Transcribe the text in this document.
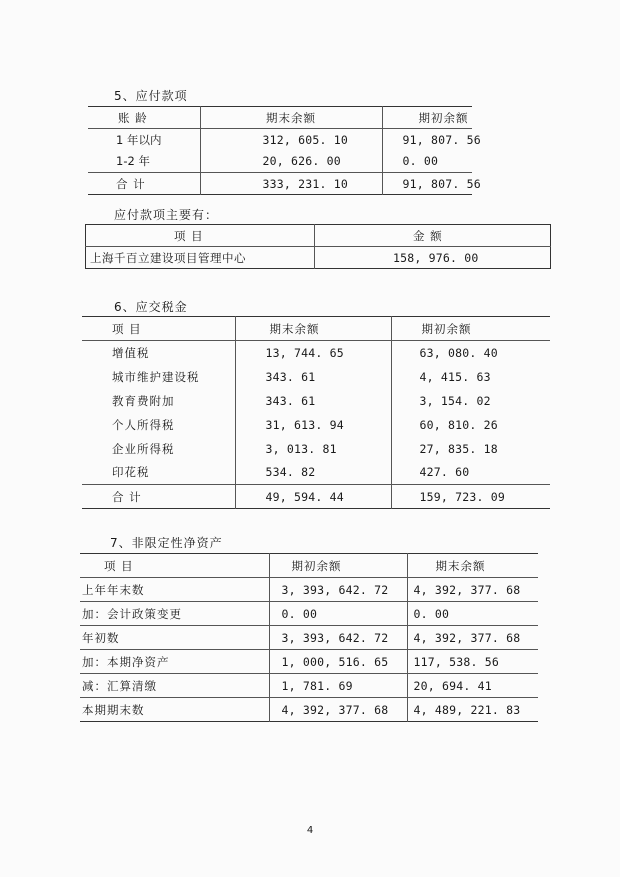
5、应付款项
账 龄	期末余额	期初余额
1 年以内	312, 605. 10	91, 807. 56
1-2 年	20, 626. 00	0. 00
合 计	333, 231. 10	91, 807. 56
应付款项主要有：
项 目	金 额
上海千百立建设项目管理中心	158, 976. 00
6、应交税金
项 目	期末余额	期初余额
增值税	13, 744. 65	63, 080. 40
城市维护建设税	343. 61	4, 415. 63
教育费附加	343. 61	3, 154. 02
个人所得税	31, 613. 94	60, 810. 26
企业所得税	3, 013. 81	27, 835. 18
印花税	534. 82	427. 60
合 计	49, 594. 44	159, 723. 09
7、非限定性净资产
项 目	期初余额	期末余额
上年年末数	3, 393, 642. 72	4, 392, 377. 68
加：会计政策变更	0. 00	0. 00
年初数	3, 393, 642. 72	4, 392, 377. 68
加：本期净资产	1, 000, 516. 65	117, 538. 56
减：汇算清缴	1, 781. 69	20, 694. 41
本期期末数	4, 392, 377. 68	4, 489, 221. 83
4
